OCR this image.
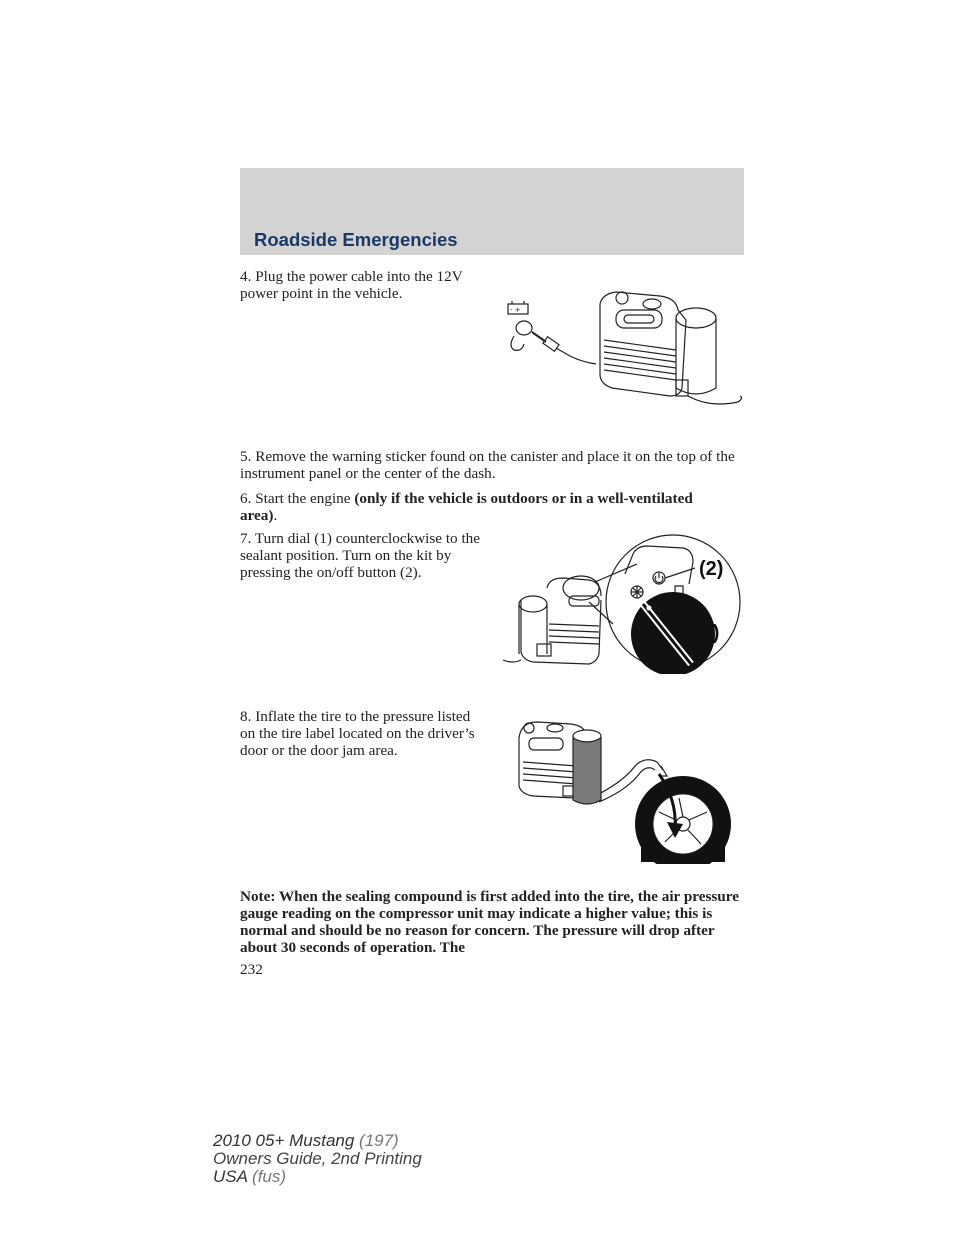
Roadside Emergencies

4. Plug the power cable into the 12V power point in the vehicle.

- +

5. Remove the warning sticker found on the canister and place it on the top of the instrument panel or the center of the dash.

6. Start the engine (only if the vehicle is outdoors or in a well-ventilated area).

7. Turn dial (1) counterclockwise to the sealant position. Turn on the kit by pressing the on/off button (2).	(2)
(1)

8. Inflate the tire to the pressure listed on the tire label located on the driver’s door or the door jam area.

Note: When the sealing compound is first added into the tire, the air pressure gauge reading on the compressor unit may indicate a higher value; this is normal and should be no reason for concern. The pressure will drop after about 30 seconds of operation. The

232
2010 05+ Mustang (197)
Owners Guide, 2nd Printing
USA (fus)
